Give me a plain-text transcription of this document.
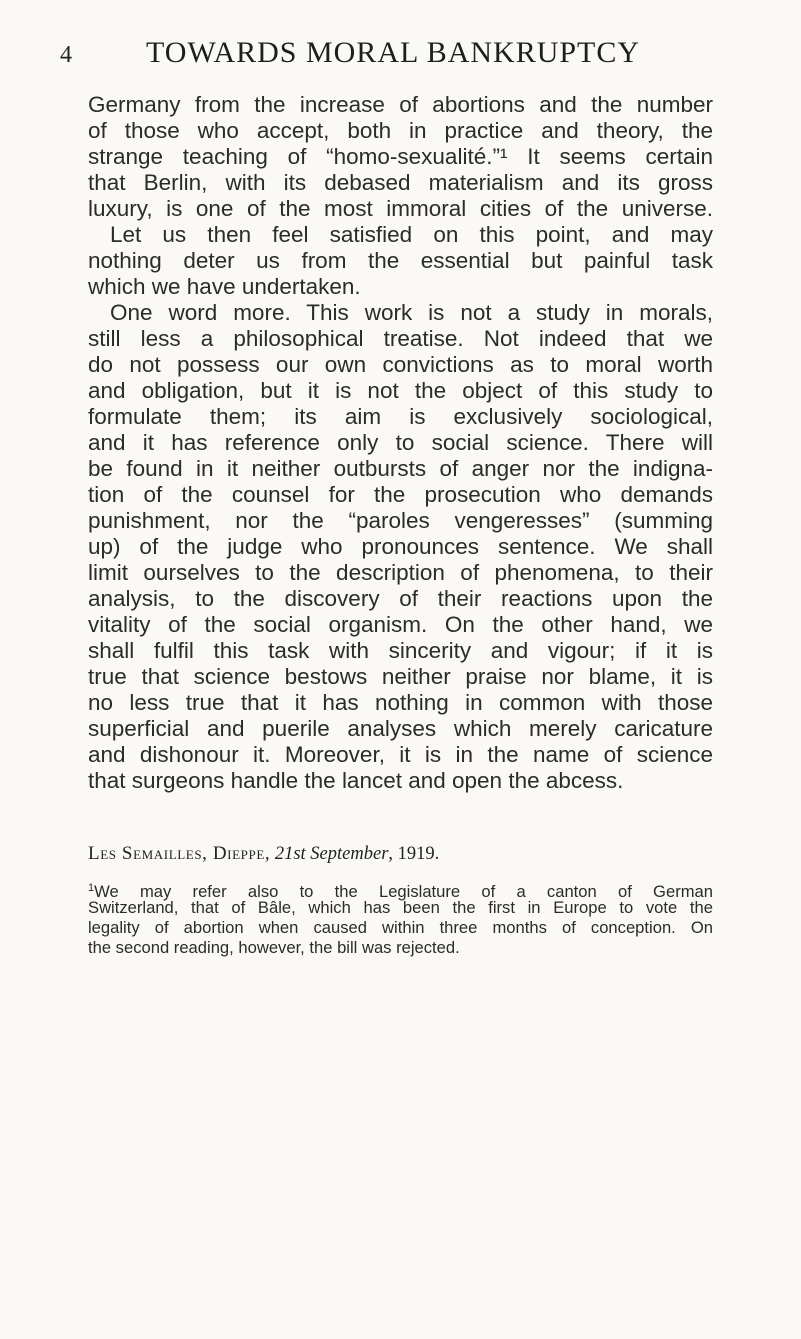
4 TOWARDS MORAL BANKRUPTCY
Germany from the increase of abortions and the number
of those who accept, both in practice and theory, the
strange teaching of “homo-sexualité.”¹ It seems certain
that Berlin, with its debased materialism and its gross
luxury, is one of the most immoral cities of the universe.
Let us then feel satisfied on this point, and may
nothing deter us from the essential but painful task
which we have undertaken.
One word more. This work is not a study in morals,
still less a philosophical treatise. Not indeed that we
do not possess our own convictions as to moral worth
and obligation, but it is not the object of this study to
formulate them; its aim is exclusively sociological,
and it has reference only to social science. There will
be found in it neither outbursts of anger nor the indigna-
tion of the counsel for the prosecution who demands
punishment, nor the “paroles vengeresses” (summing
up) of the judge who pronounces sentence. We shall
limit ourselves to the description of phenomena, to their
analysis, to the discovery of their reactions upon the
vitality of the social organism. On the other hand, we
shall fulfil this task with sincerity and vigour; if it is
true that science bestows neither praise nor blame, it is
no less true that it has nothing in common with those
superficial and puerile analyses which merely caricature
and dishonour it. Moreover, it is in the name of science
that surgeons handle the lancet and open the abcess.
Les Semailles, Dieppe, 21st September, 1919.
$^1$We may refer also to the Legislature of a canton of German
Switzerland, that of Bâle, which has been the first in Europe to vote the
legality of abortion when caused within three months of conception. On
the second reading, however, the bill was rejected.
